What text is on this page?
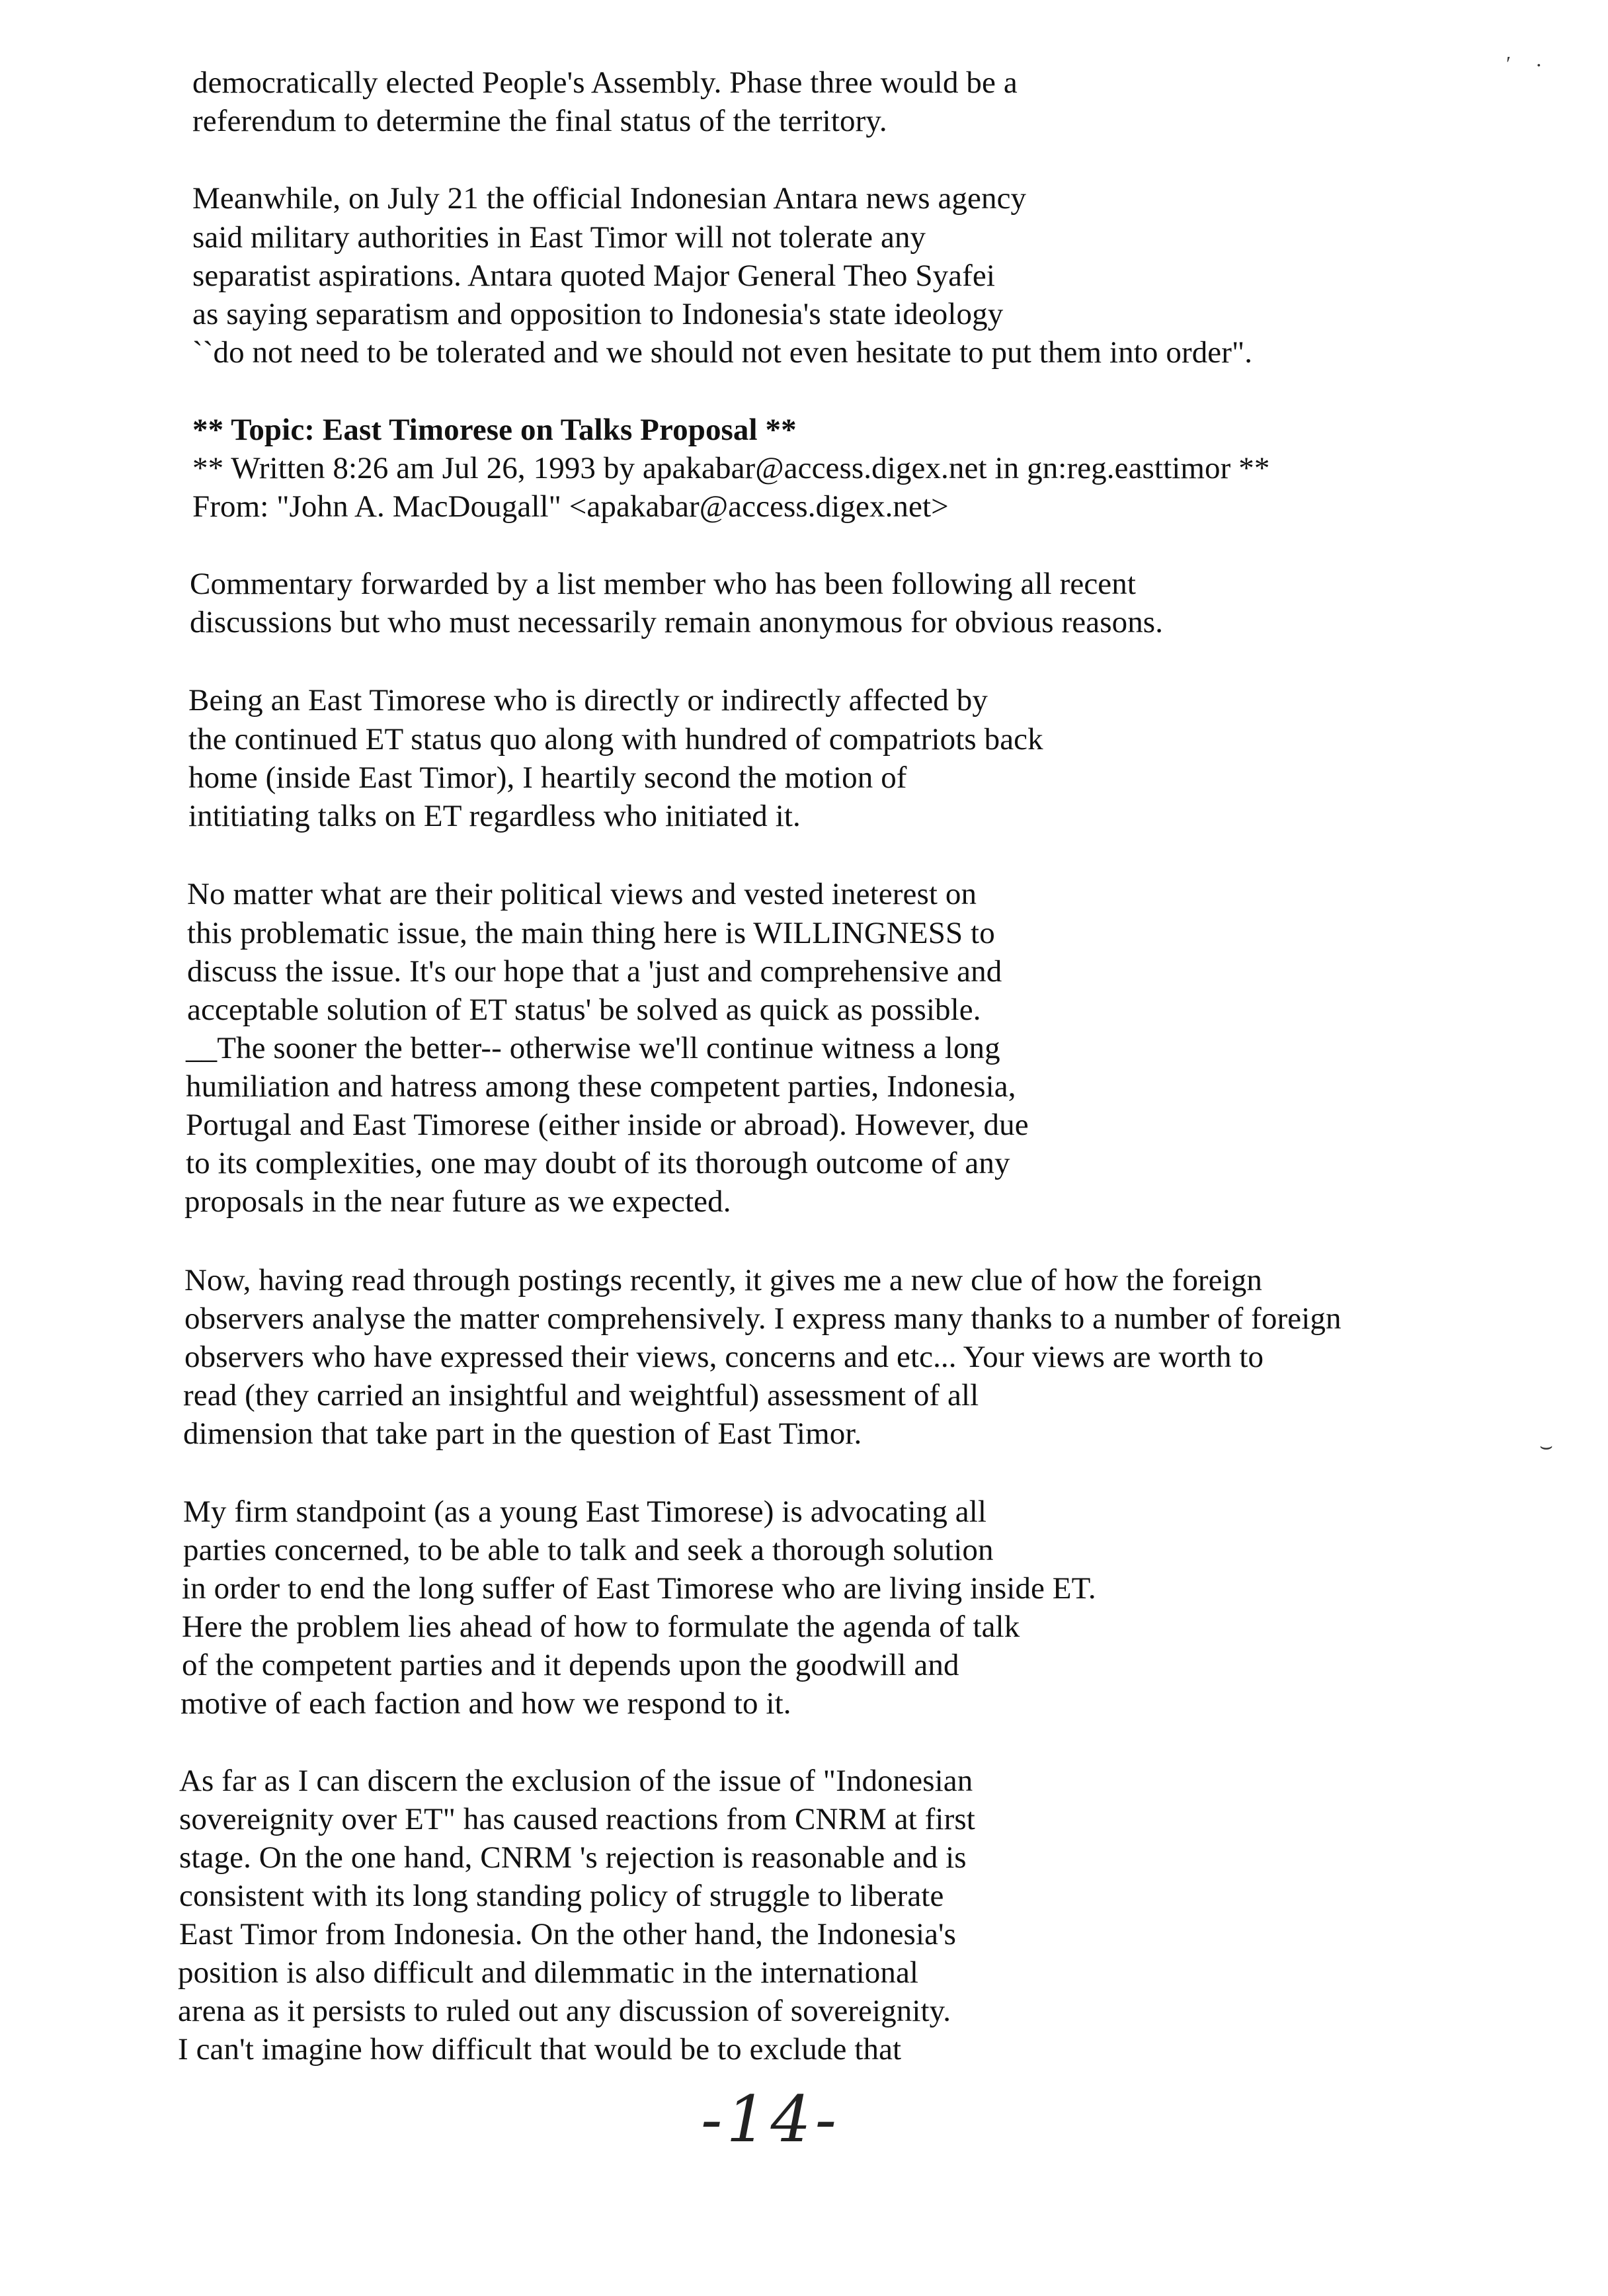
democratically elected People's Assembly. Phase three would be a
referendum to determine the final status of the territory.
Meanwhile, on July 21 the official Indonesian Antara news agency
said military authorities in East Timor will not tolerate any
separatist aspirations. Antara quoted Major General Theo Syafei
as saying separatism and opposition to Indonesia's state ideology
``do not need to be tolerated and we should not even hesitate to put them into order".
** Topic: East Timorese on Talks Proposal **
** Written 8:26 am Jul 26, 1993 by apakabar@access.digex.net in gn:reg.easttimor **
From: "John A. MacDougall" <apakabar@access.digex.net>
Commentary forwarded by a list member who has been following all recent
discussions but who must necessarily remain anonymous for obvious reasons.
Being an East Timorese who is directly or indirectly affected by
the continued ET status quo along with hundred of compatriots back
home (inside East Timor), I heartily second the motion of
intitiating talks on ET regardless who initiated it.
No matter what are their political views and vested ineterest on
this problematic issue, the main thing here is WILLINGNESS to
discuss the issue. It's our hope that a 'just and comprehensive and
acceptable solution of ET status' be solved as quick as possible.
__The sooner the better-- otherwise we'll continue witness a long
humiliation and hatress among these competent parties, Indonesia,
Portugal and East Timorese (either inside or abroad). However, due
to its complexities, one may doubt of its thorough outcome of any
proposals in the near future as we expected.
Now, having read through postings recently, it gives me a new clue of how the foreign
observers analyse the matter comprehensively. I express many thanks to a number of foreign
observers who have expressed their views, concerns and etc... Your views are worth to
read (they carried an insightful and weightful) assessment of all
dimension that take part in the question of East Timor.
My firm standpoint (as a young East Timorese) is advocating all
parties concerned, to be able to talk and seek a thorough solution
in order to end the long suffer of East Timorese who are living inside ET.
Here the problem lies ahead of how to formulate the agenda of talk
of the competent parties and it depends upon the goodwill and
motive of each faction and how we respond to it.
As far as I can discern the exclusion of the issue of "Indonesian
sovereignity over ET" has caused reactions from CNRM at first
stage. On the one hand, CNRM 's rejection is reasonable and is
consistent with its long standing policy of struggle to liberate
East Timor from Indonesia. On the other hand, the Indonesia's
position is also difficult and dilemmatic in the international
arena as it persists to ruled out any discussion of sovereignity.
I can't imagine how difficult that would be to exclude that
-14-
′ ·
⌣
